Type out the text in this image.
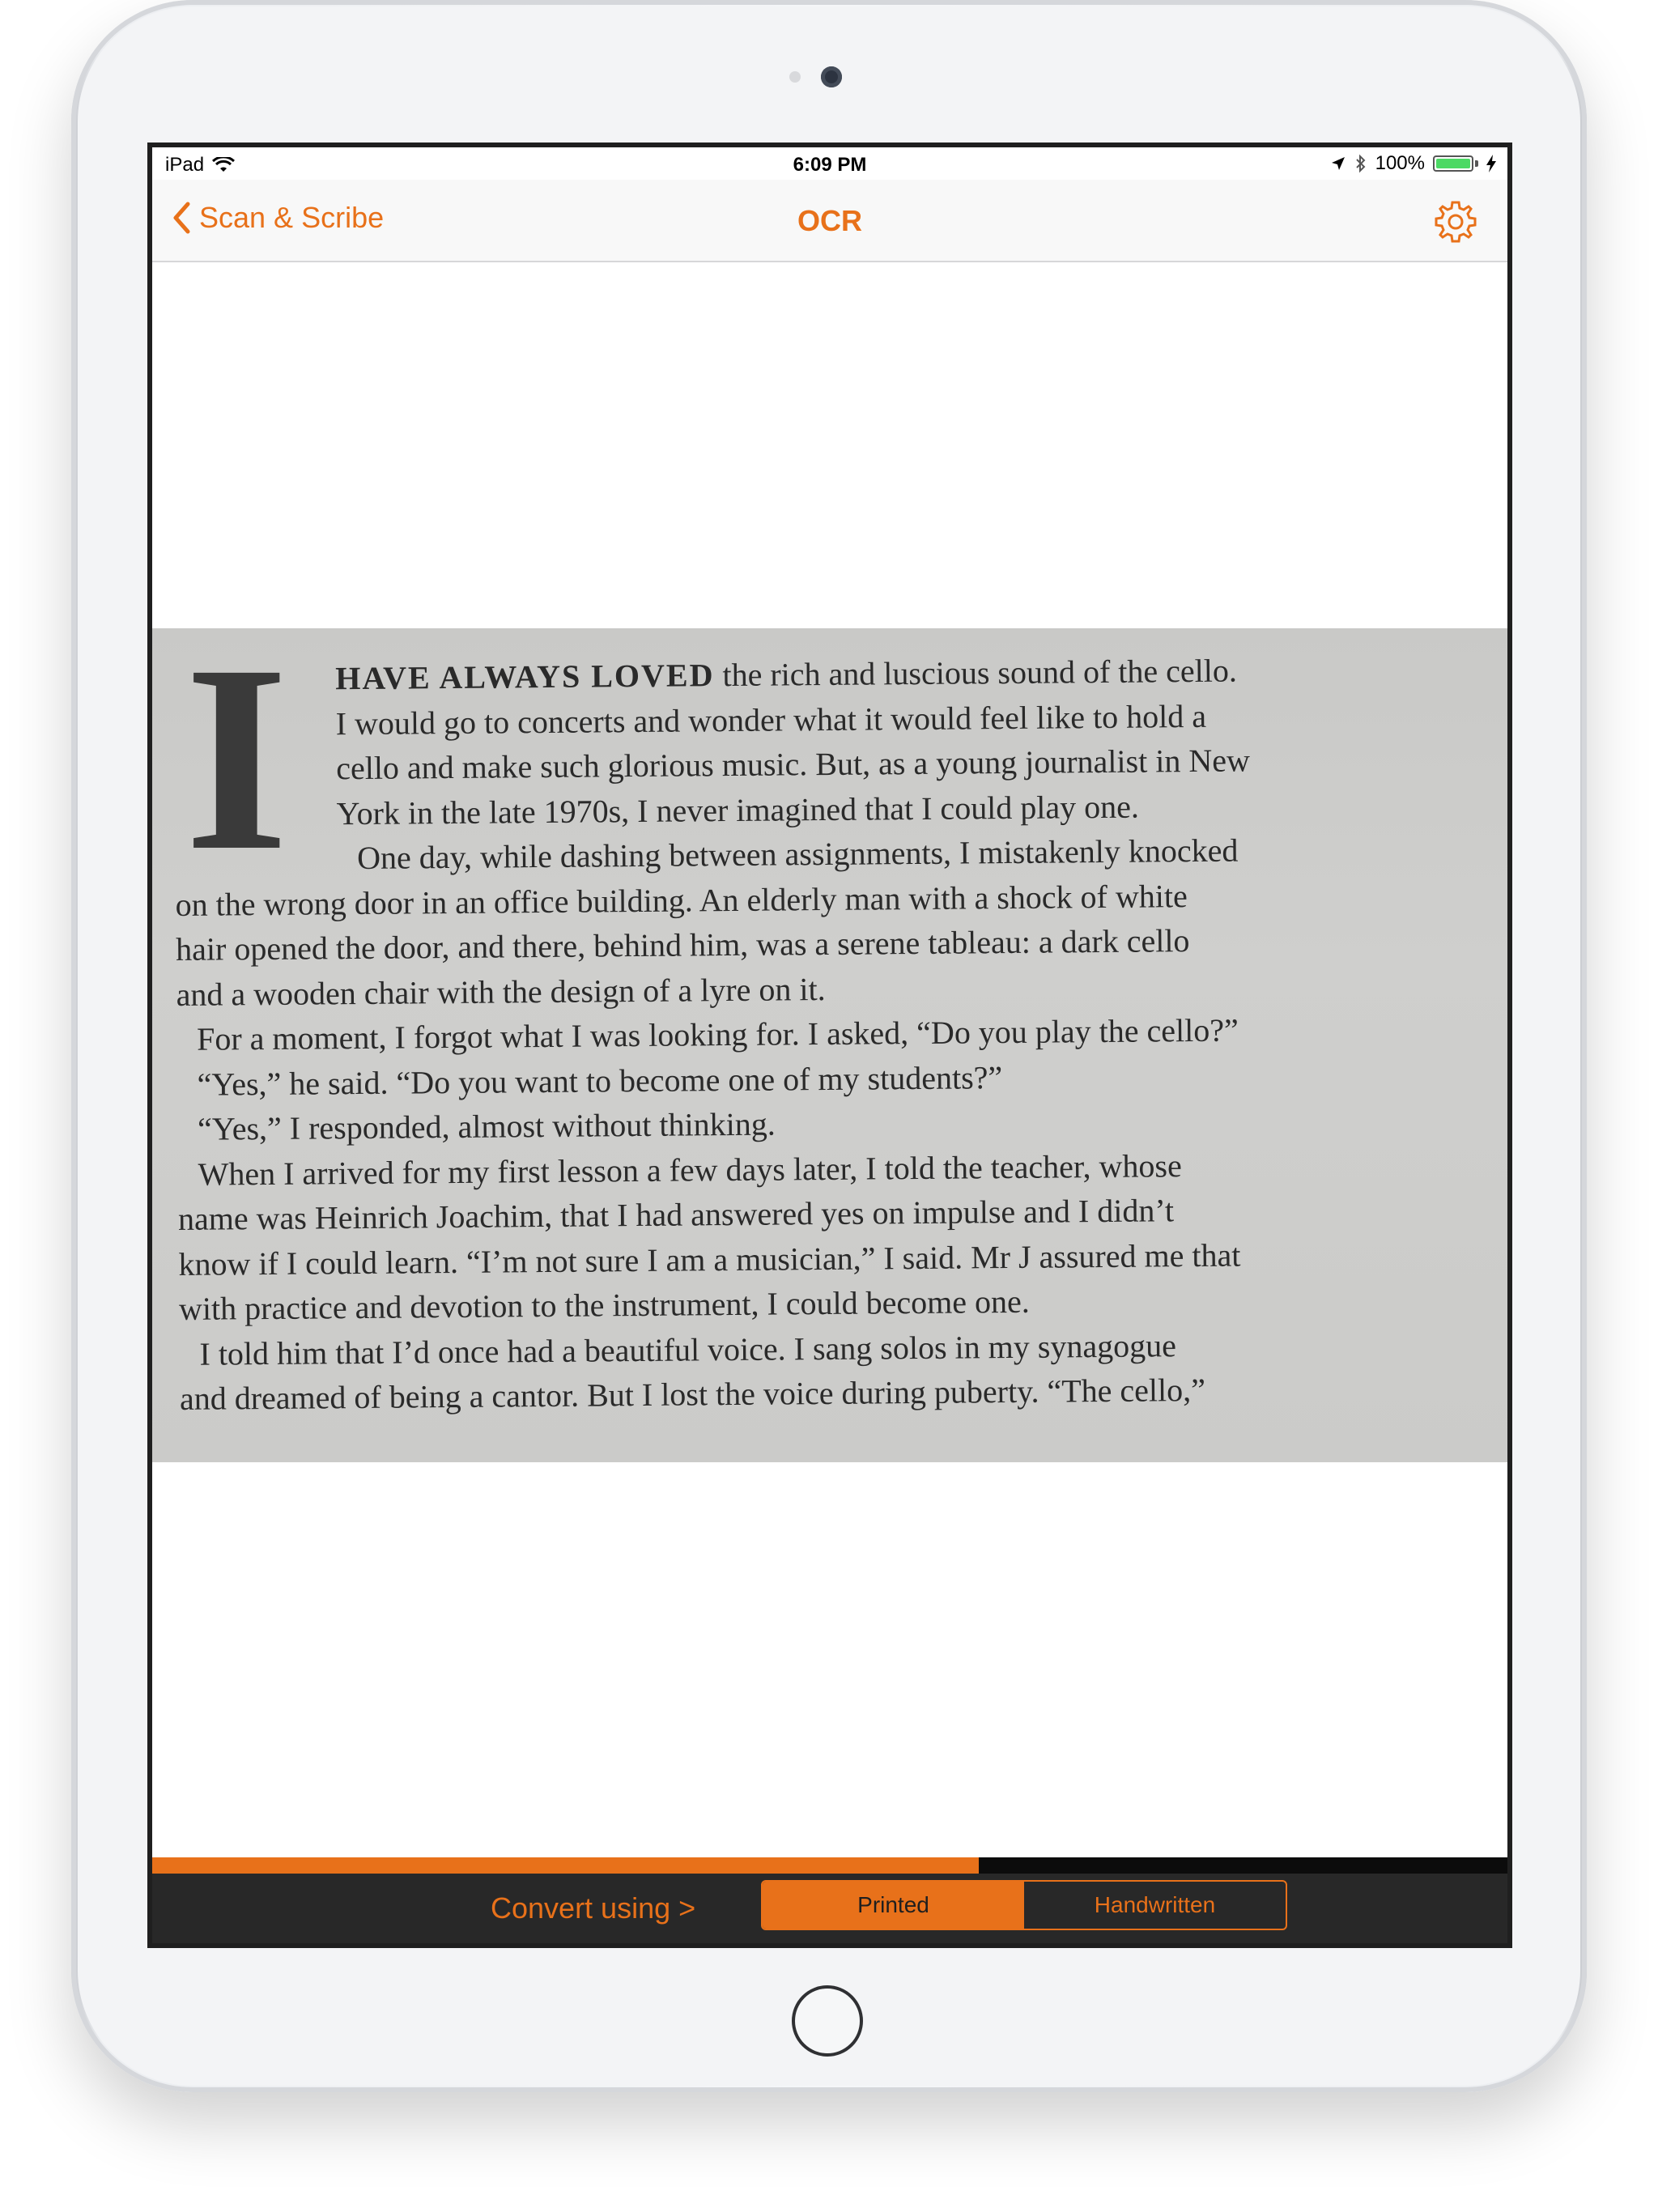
iPad	6:09 PM	100%
Scan & Scribe	OCR
I	HAVE ALWAYS LOVED the rich and luscious sound of the cello.
I would go to concerts and wonder what it would feel like to hold a
cello and make such glorious music. But, as a young journalist in New
York in the late 1970s, I never imagined that I could play one.
One day, while dashing between assignments, I mistakenly knocked
on the wrong door in an office building. An elderly man with a shock of white
hair opened the door, and there, behind him, was a serene tableau: a dark cello
and a wooden chair with the design of a lyre on it.
For a moment, I forgot what I was looking for. I asked, “Do you play the cello?”
“Yes,” he said. “Do you want to become one of my students?”
“Yes,” I responded, almost without thinking.
When I arrived for my first lesson a few days later, I told the teacher, whose
name was Heinrich Joachim, that I had answered yes on impulse and I didn’t
know if I could learn. “I’m not sure I am a musician,” I said. Mr J assured me that
with practice and devotion to the instrument, I could become one.
I told him that I’d once had a beautiful voice. I sang solos in my synagogue
and dreamed of being a cantor. But I lost the voice during puberty. “The cello,”
Convert using >	Printed	Handwritten
